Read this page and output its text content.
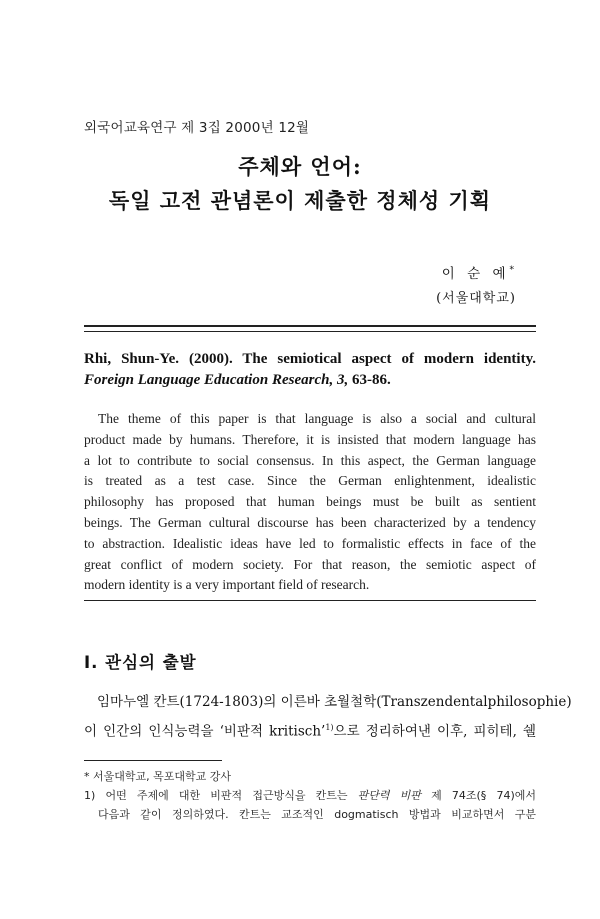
외국어교육연구 제 3집 2000년 12월
주체와 언어:
독일 고전 관념론이 제출한 정체성 기획
이 순 예*
(서울대학교)
Rhi, Shun-Ye. (2000). The semiotical aspect of modern identity.
Foreign Language Education Research, 3, 63-86.
The theme of this paper is that language is also a social and cultural
product made by humans. Therefore, it is insisted that modern language has
a lot to contribute to social consensus. In this aspect, the German language
is treated as a test case. Since the German enlightenment, idealistic
philosophy has proposed that human beings must be built as sentient
beings. The German cultural discourse has been characterized by a tendency
to abstraction. Idealistic ideas have led to formalistic effects in face of the
great conflict of modern society. For that reason, the semiotic aspect of
modern identity is a very important field of research.
I. 관심의 출발
임마누엘 칸트(1724-1803)의 이른바 초월철학(Transzendentalphilosophie)
이 인간의 인식능력을 ‘비판적 kritisch’$^{1)}$으로 정리하여낸 이후, 피히테, 쉘
* 서울대학교, 목포대학교 강사
1) 어떤 주제에 대한 비판적 접근방식을 칸트는 판단력 비판 제 74조(§ 74)에서
다음과 같이 정의하였다. 칸트는 교조적인 dogmatisch 방법과 비교하면서 구분
